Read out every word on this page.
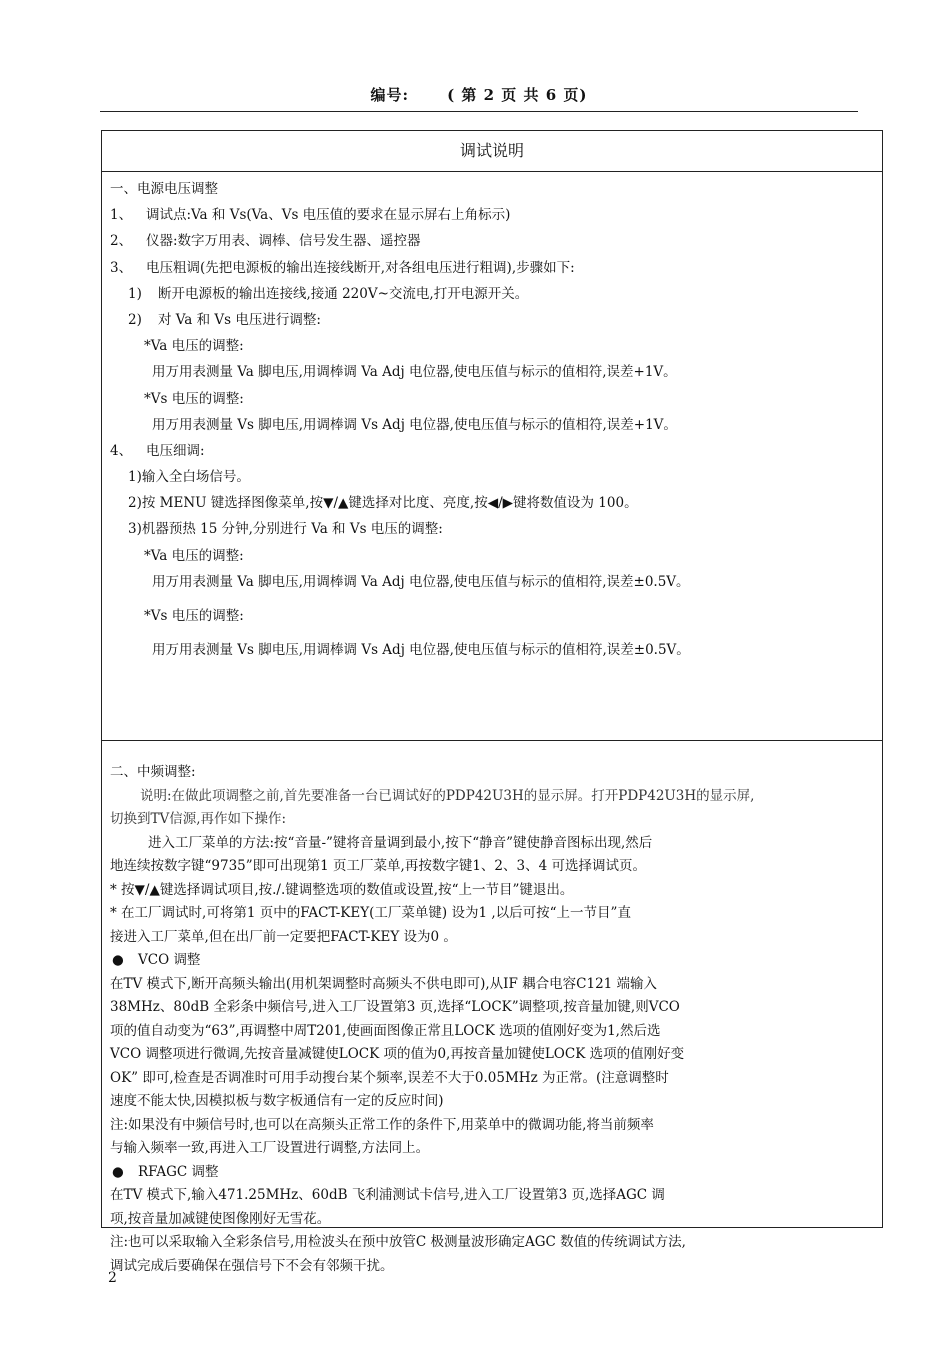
编号:	( 第 2 页 共 6 页)
调试说明
一、电源电压调整
1、 调试点:Va 和 Vs(Va、Vs 电压值的要求在显示屏右上角标示)
2、 仪器:数字万用表、调棒、信号发生器、遥控器
3、 电压粗调(先把电源板的输出连接线断开,对各组电压进行粗调),步骤如下:
1) 断开电源板的输出连接线,接通 220V~交流电,打开电源开关。
2) 对 Va 和 Vs 电压进行调整:
*Va 电压的调整:
用万用表测量 Va 脚电压,用调棒调 Va Adj 电位器,使电压值与标示的值相符,误差+1V。
*Vs 电压的调整:
用万用表测量 Vs 脚电压,用调棒调 Vs Adj 电位器,使电压值与标示的值相符,误差+1V。
4、 电压细调:
1)输入全白场信号。
2)按 MENU 键选择图像菜单,按▼/▲键选择对比度、亮度,按◀/▶键将数值设为 100。
3)机器预热 15 分钟,分别进行 Va 和 Vs 电压的调整:
*Va 电压的调整:
用万用表测量 Va 脚电压,用调棒调 Va Adj 电位器,使电压值与标示的值相符,误差±0.5V。
*Vs 电压的调整:
用万用表测量 Vs 脚电压,用调棒调 Vs Adj 电位器,使电压值与标示的值相符,误差±0.5V。
二、中频调整:
说明:在做此项调整之前,首先要准备一台已调试好的PDP42U3H的显示屏。打开PDP42U3H的显示屏,
切换到TV信源,再作如下操作:
进入工厂菜单的方法:按“音量-”键将音量调到最小,按下“静音”键使静音图标出现,然后
地连续按数字键“9735”即可出现第1 页工厂菜单,再按数字键1、2、3、4 可选择调试页。
* 按▼/▲键选择调试项目,按./.键调整选项的数值或设置,按“上一节目”键退出。
* 在工厂调试时,可将第1 页中的FACT-KEY(工厂菜单键) 设为1 ,以后可按“上一节目”直
接进入工厂菜单,但在出厂前一定要把FACT-KEY 设为0 。
● VCO 调整
在TV 模式下,断开高频头输出(用机架调整时高频头不供电即可),从IF 耦合电容C121 端输入
38MHz、80dB 全彩条中频信号,进入工厂设置第3 页,选择“LOCK”调整项,按音量加键,则VCO
项的值自动变为“63”,再调整中周T201,使画面图像正常且LOCK 选项的值刚好变为1,然后选
VCO 调整项进行微调,先按音量减键使LOCK 项的值为0,再按音量加键使LOCK 选项的值刚好变
OK” 即可,检查是否调准时可用手动搜台某个频率,误差不大于0.05MHz 为正常。(注意调整时
速度不能太快,因模拟板与数字板通信有一定的反应时间)
注:如果没有中频信号时,也可以在高频头正常工作的条件下,用菜单中的微调功能,将当前频率
与输入频率一致,再进入工厂设置进行调整,方法同上。
● RFAGC 调整
在TV 模式下,输入471.25MHz、60dB 飞利浦测试卡信号,进入工厂设置第3 页,选择AGC 调
项,按音量加减键使图像刚好无雪花。
注:也可以采取输入全彩条信号,用检波头在预中放管C 极测量波形确定AGC 数值的传统调试方法,
调试完成后要确保在强信号下不会有邻频干扰。
2
